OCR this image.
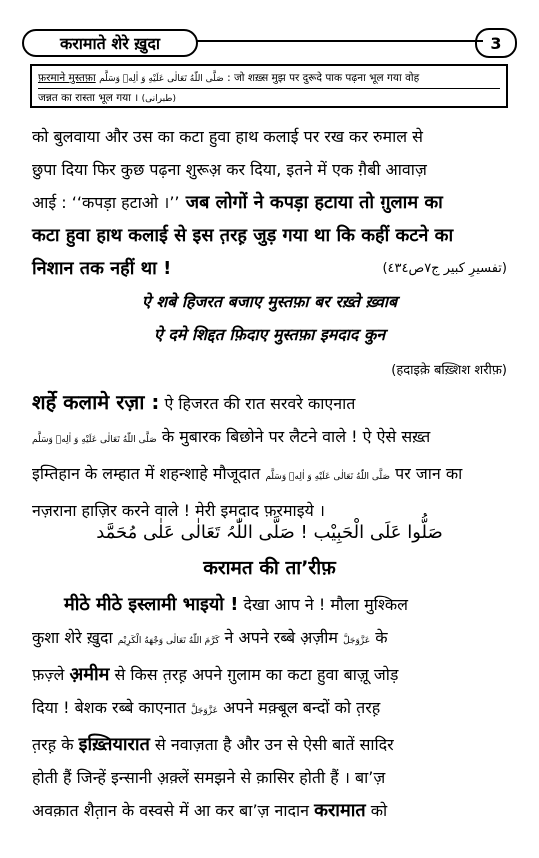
करामाते शेरे ख़ुदा	3
फ़रमाने मुस्तफ़ा صَلَّى اللّٰهُ تَعَالٰی عَلَیْهِ وَ اٰلِهٖ وَسَلَّم : जो शख़्स मुझ पर दुरूदे पाक पढ़ना भूल गया वोह
जन्नत का रास्ता भूल गया । (طبرانی)
को बुलवाया और उस का कटा हुवा हाथ कलाई पर रख कर रुमाल से
छुपा दिया फिर कुछ पढ़ना शुरूअ़ कर दिया, इतने में एक ग़ैबी आवाज़
आई : ‘‘कपड़ा हटाओ ।’’ जब लोगों ने कपड़ा हटाया तो ग़ुलाम का
कटा हुवा हाथ कलाई से इस त़रह़ जुड़ गया था कि कहीं कटने का
निशान तक नहीं था !	(تفسیرِ کبیر ج٧ص٤٣٤)
ऐ शबे हिजरत बजाए मुस्तफ़ा बर रख़्ते ख़्वाब
ऐ दमे शिद्दत फ़िदाए मुस्तफ़ा इमदाद कुन
(हदाइक़े बख़्शिश शरीफ़)
शर्हे कलामे रज़ा : ऐ हिजरत की रात सरवरे काएनात
صَلَّى اللّٰهُ تَعَالٰی عَلَیْهِ وَ اٰلِهٖ وَسَلَّم के मुबारक बिछोने पर लैटने वाले ! ऐ ऐसे सख़्त
इम्तिहान के लम्हात में शहन्शाहे मौजूदात صَلَّى اللّٰهُ تَعَالٰی عَلَیْهِ وَ اٰلِهٖ وَسَلَّم पर जान का
नज़राना हाज़िर करने वाले ! मेरी इमदाद फ़रमाइये ।
صَلُّوا عَلَی الْحَبِیْب ! صَلَّی اللّٰہُ تَعَالٰی عَلٰی مُحَمَّد
करामत की ता’रीफ़
मीठे मीठे इस्लामी भाइयो ! देखा आप ने ! मौला मुश्किल
कुशा शेरे ख़ुदा کَرَّمَ اللّٰهُ تَعَالٰی وَجْهَهُ الْکَرِیْم ने अपने रब्बे अ़ज़ीम عَزَّوَجَلَّ के
फ़ज़्ले अ़मीम से किस त़रह़ अपने ग़ुलाम का कटा हुवा बाज़ू जोड़
दिया ! बेशक रब्बे काएनात عَزَّوَجَلَّ अपने मक़्बूल बन्दों को त़रह़
त़रह़ के इख़्तियारात से नवाज़ता है और उन से ऐसी बातें सादिर
होती हैं जिन्हें इन्सानी अ़क़्लें समझने से क़ासिर होती हैं । बा’ज़
अवक़ात शैत़ान के वस्वसे में आ कर बा’ज़ नादान करामात को
